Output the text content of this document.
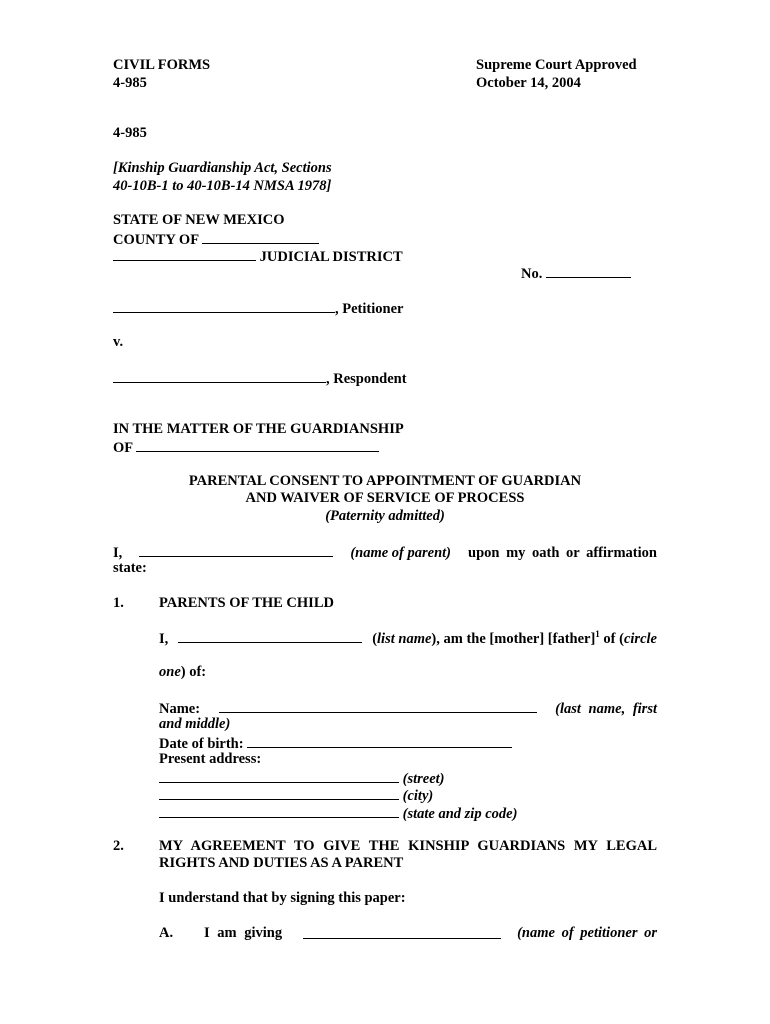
CIVIL FORMS
4-985
Supreme Court Approved
October 14, 2004
4-985
[Kinship Guardianship Act, Sections
40-10B-1 to 40-10B-14 NMSA 1978]
STATE OF NEW MEXICO
COUNTY OF
JUDICIAL DISTRICT
No.
, Petitioner
v.
, Respondent
IN THE MATTER OF THE GUARDIANSHIP
OF
PARENTAL CONSENT TO APPOINTMENT OF GUARDIAN
AND WAIVER OF SERVICE OF PROCESS
(Paternity admitted)
I,	(name of parent) upon my oath or affirmation
state:
1. PARENTS OF THE CHILD
I,	(list name), am the [mother] [father]$^1$ of (circle
one) of:
Name:	(last name, first
and middle)
Date of birth:
Present address:
(street)
(city)
(state and zip code)
2. MY AGREEMENT TO GIVE THE KINSHIP GUARDIANS MY LEGAL
RIGHTS AND DUTIES AS A PARENT
I understand that by signing this paper:
A. I am giving	(name of petitioner or
